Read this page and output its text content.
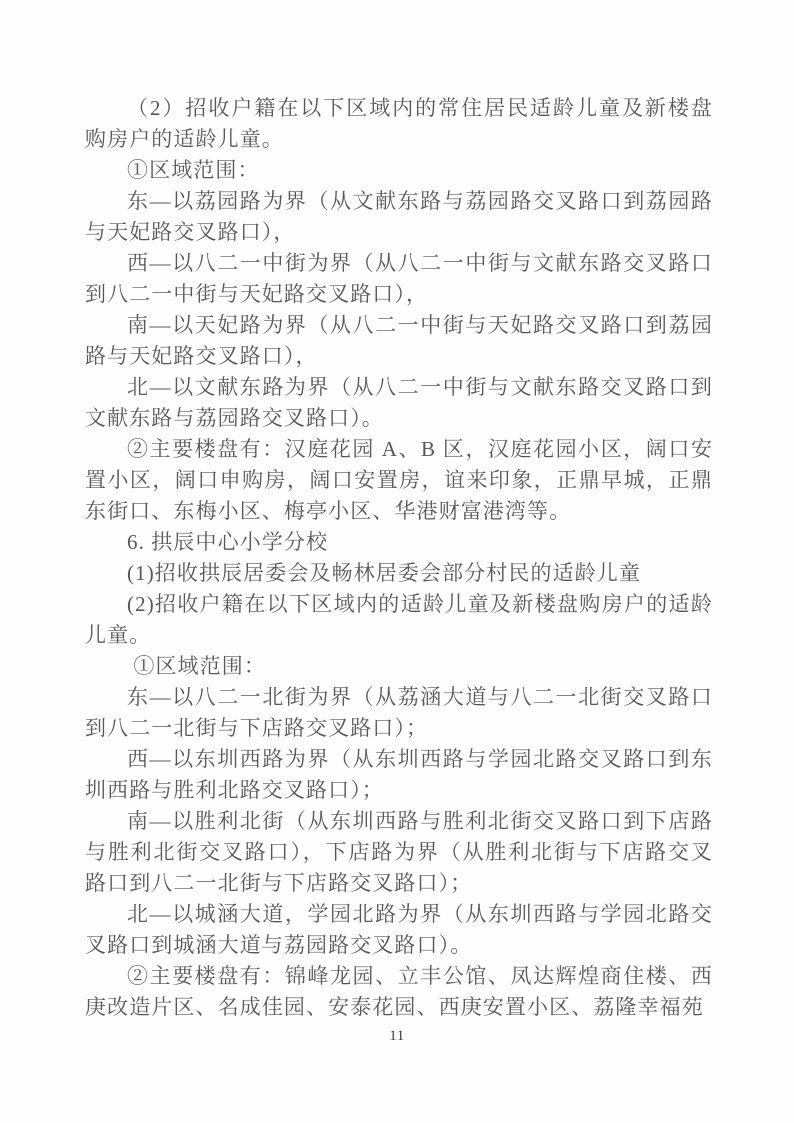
（2）招收户籍在以下区域内的常住居民适龄儿童及新楼盘购房户的适龄儿童。

①区域范围：

东—以荔园路为界（从文献东路与荔园路交叉路口到荔园路与天妃路交叉路口），

西—以八二一中街为界（从八二一中街与文献东路交叉路口到八二一中街与天妃路交叉路口），

南—以天妃路为界（从八二一中街与天妃路交叉路口到荔园路与天妃路交叉路口），

北—以文献东路为界（从八二一中街与文献东路交叉路口到文献东路与荔园路交叉路口）。

②主要楼盘有：汉庭花园 A、B 区，汉庭花园小区，阔口安置小区，阔口申购房，阔口安置房，谊来印象，正鼎早城，正鼎东街口、东梅小区、梅亭小区、华港财富港湾等。

6. 拱辰中心小学分校

(1)招收拱辰居委会及畅林居委会部分村民的适龄儿童

(2)招收户籍在以下区域内的适龄儿童及新楼盘购房户的适龄儿童。

①区域范围：

东—以八二一北街为界（从荔涵大道与八二一北街交叉路口到八二一北街与下店路交叉路口）；

西—以东圳西路为界（从东圳西路与学园北路交叉路口到东圳西路与胜利北路交叉路口）；

南—以胜利北街（从东圳西路与胜利北街交叉路口到下店路与胜利北街交叉路口），下店路为界（从胜利北街与下店路交叉路口到八二一北街与下店路交叉路口）；

北—以城涵大道，学园北路为界（从东圳西路与学园北路交叉路口到城涵大道与荔园路交叉路口）。

②主要楼盘有：锦峰龙园、立丰公馆、凤达辉煌商住楼、西庚改造片区、名成佳园、安泰花园、西庚安置小区、荔隆幸福苑

11
